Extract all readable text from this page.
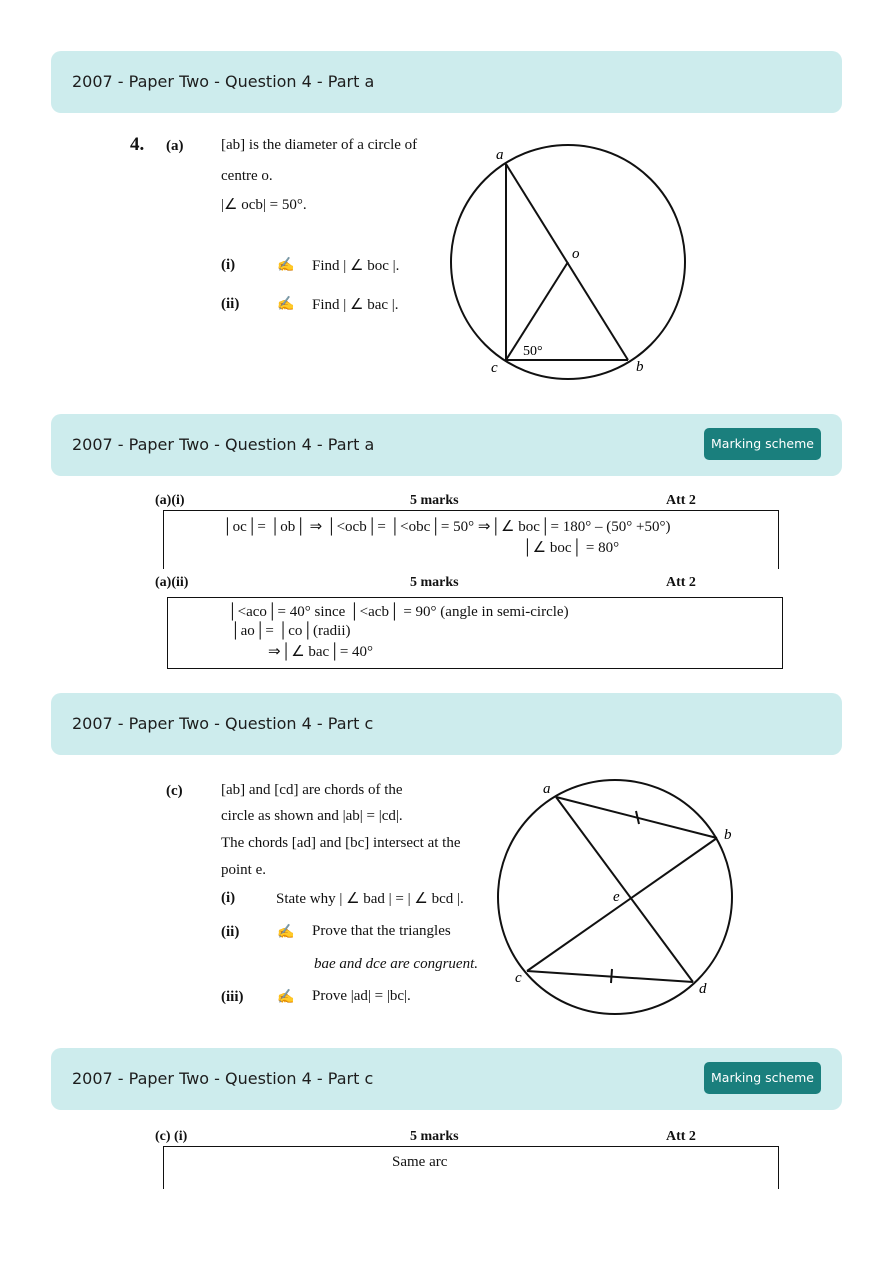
2007 - Paper Two - Question 4 - Part a
4. (a)	[ab] is the diameter of a circle of
centre o.
|∠ ocb| = 50°.
(i)	✍ Find | ∠ boc |.
(ii)	✍ Find | ∠ bac |.
a
o
c	b
50°
2007 - Paper Two - Question 4 - Part a	Marking scheme
(a)(i)	5 marks	Att 2
│oc│= │ob│ ⇒ │<ocb│= │<obc│= 50° ⇒│∠ boc│= 180° – (50° +50°)
│∠ boc│ = 80°
(a)(ii)	5 marks	Att 2
│<aco│= 40° since │<acb│ = 90° (angle in semi-circle)
│ao│= │co│(radii)
⇒│∠ bac│= 40°
2007 - Paper Two - Question 4 - Part c
(c)	[ab] and [cd] are chords of the
circle as shown and |ab| = |cd|.
The chords [ad] and [bc] intersect at the
point e.
(i)	State why | ∠ bad | = | ∠ bcd |.
(ii)	✍ Prove that the triangles
bae and dce are congruent.
(iii) ✍ Prove |ad| = |bc|.
a
b
e
c
d
2007 - Paper Two - Question 4 - Part c	Marking scheme
(c) (i)	5 marks	Att 2
Same arc
